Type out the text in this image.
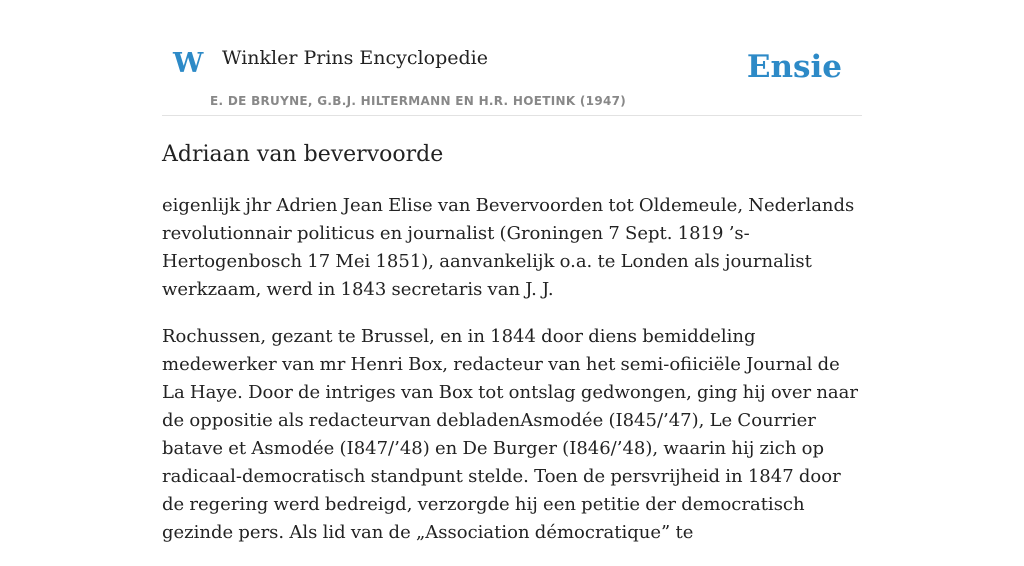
W Winkler Prins Encyclopedie
E. DE BRUYNE, G.B.J. HILTERMANN EN H.R. HOETINK (1947)
Ensie
Adriaan van bevervoorde

eigenlijk jhr Adrien Jean Elise van Bevervoorden tot Oldemeule, Nederlands revolutionnair politicus en journalist (Groningen 7 Sept. 1819 ’s-Hertogenbosch 17 Mei 1851), aanvankelijk o.a. te Londen als journalist werkzaam, werd in 1843 secretaris van J. J.

Rochussen, gezant te Brussel, en in 1844 door diens bemiddeling medewerker van mr Henri Box, redacteur van het semi-ofiiciële Journal de La Haye. Door de intriges van Box tot ontslag gedwongen, ging hij over naar de oppositie als redacteurvan debladenAsmodée (I845/’47), Le Courrier batave et Asmodée (I847/’48) en De Burger (I846/’48), waarin hij zich op radicaal-democratisch standpunt stelde. Toen de persvrijheid in 1847 door de regering werd bedreigd, verzorgde hij een petitie der democratisch gezinde pers. Als lid van de „Association démocratique” te
